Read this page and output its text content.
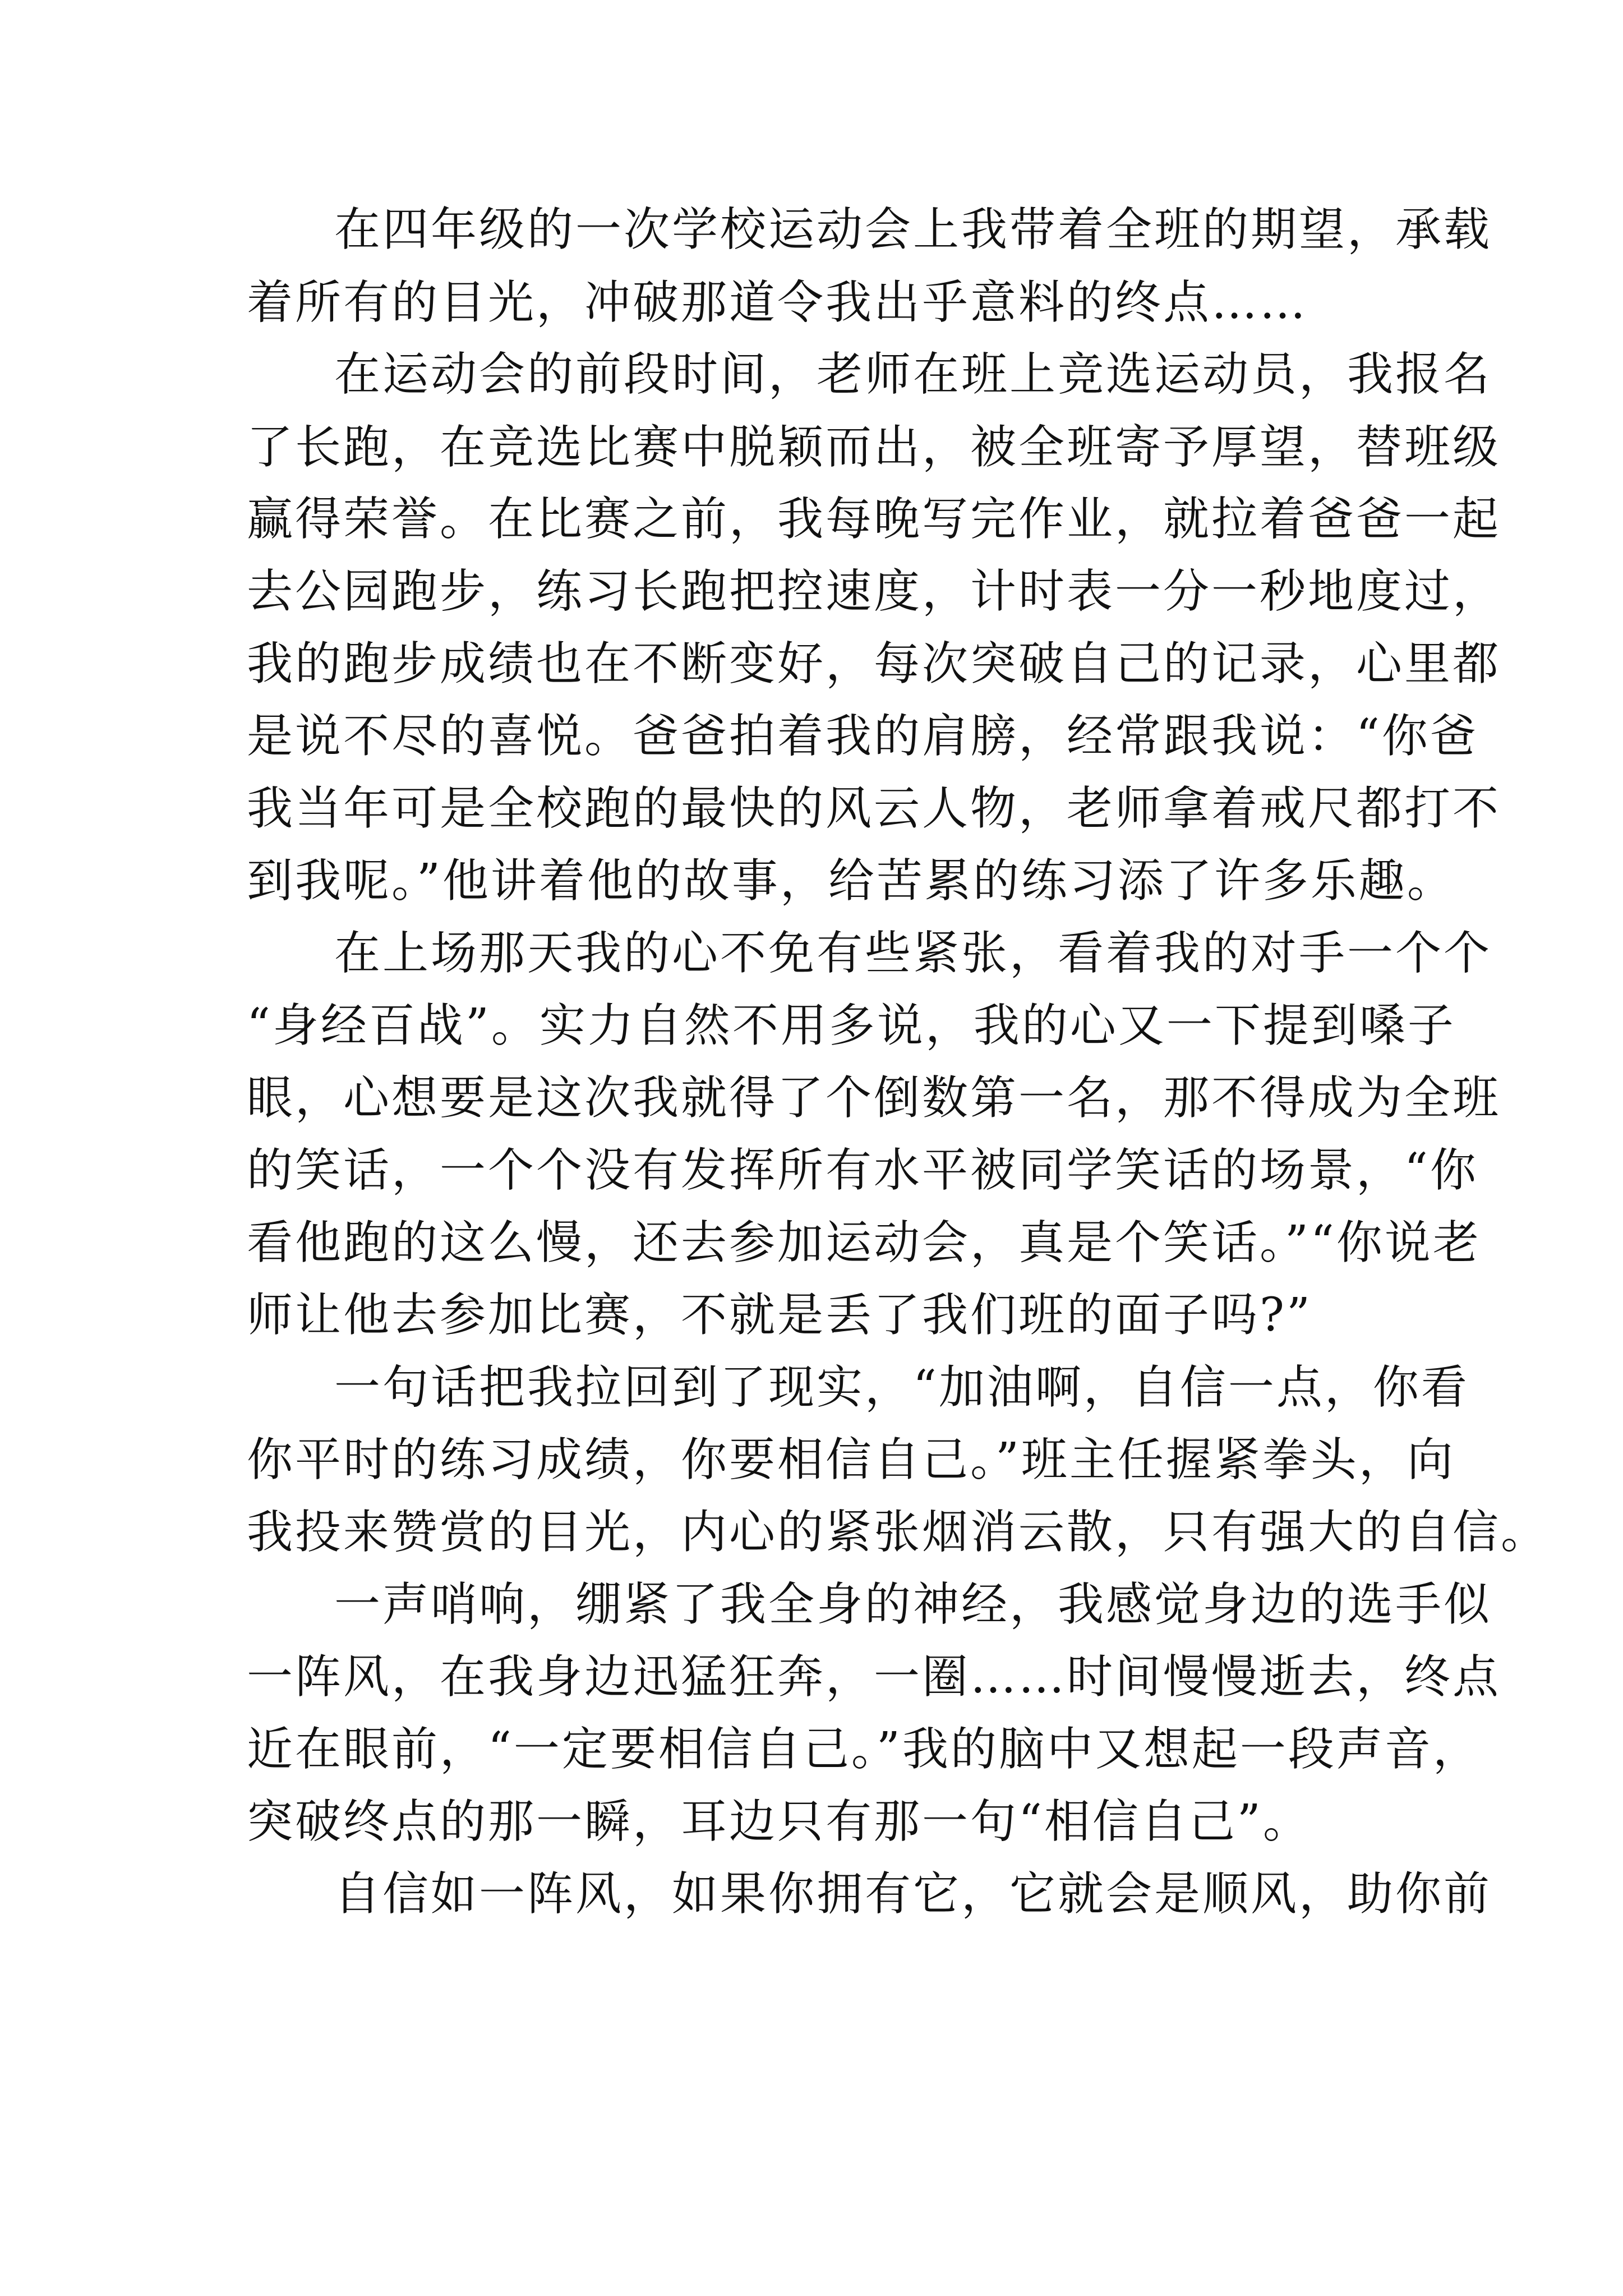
在四年级的一次学校运动会上我带着全班的期望，承载
着所有的目光，冲破那道令我出乎意料的终点……
在运动会的前段时间，老师在班上竞选运动员，我报名
了长跑，在竞选比赛中脱颖而出，被全班寄予厚望，替班级
赢得荣誉。在比赛之前，我每晚写完作业，就拉着爸爸一起
去公园跑步，练习长跑把控速度，计时表一分一秒地度过，
我的跑步成绩也在不断变好，每次突破自己的记录，心里都
是说不尽的喜悦。爸爸拍着我的肩膀，经常跟我说：“你爸
我当年可是全校跑的最快的风云人物，老师拿着戒尺都打不
到我呢。”他讲着他的故事，给苦累的练习添了许多乐趣。
在上场那天我的心不免有些紧张，看着我的对手一个个
“身经百战”。实力自然不用多说，我的心又一下提到嗓子
眼，心想要是这次我就得了个倒数第一名，那不得成为全班
的笑话，一个个没有发挥所有水平被同学笑话的场景，“你
看他跑的这么慢，还去参加运动会，真是个笑话。”“你说老
师让他去参加比赛，不就是丢了我们班的面子吗?”
一句话把我拉回到了现实，“加油啊，自信一点，你看
你平时的练习成绩，你要相信自己。”班主任握紧拳头，向
我投来赞赏的目光，内心的紧张烟消云散，只有强大的自信。
一声哨响，绷紧了我全身的神经，我感觉身边的选手似
一阵风，在我身边迅猛狂奔，一圈……时间慢慢逝去，终点
近在眼前，“一定要相信自己。”我的脑中又想起一段声音，
突破终点的那一瞬，耳边只有那一句“相信自己”。
自信如一阵风，如果你拥有它，它就会是顺风，助你前
